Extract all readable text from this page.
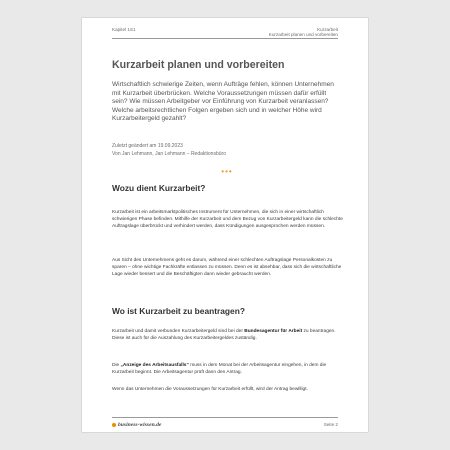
Kapitel 1S1	Kurzarbeit
Kurzarbeit planen und vorbereiten
Kurzarbeit planen und vorbereiten

Wirtschaftlich schwierige Zeiten, wenn Aufträge fehlen, können Unternehmen mit Kurzarbeit überbrücken. Welche Voraussetzungen müssen dafür erfüllt sein? Wie müssen Arbeitgeber vor Einführung von Kurzarbeit veranlassen? Welche arbeitsrechtlichen Folgen ergeben sich und in welcher Höhe wird Kurzarbeitergeld gezahlt?

Zuletzt geändert am 19.09.2023
Von Jan Lehmann, Jan Lehmann – Redaktionsbüro
•••
Wozu dient Kurzarbeit?

Kurzarbeit ist ein arbeitsmarktpolitisches Instrument für Unternehmen, die sich in einer wirtschaftlich schwierigen Phase befinden. Mithilfe der Kurzarbeit und dem Bezug von Kurzarbeitergeld kann die schlechte Auftragslage überbrückt und verhindert werden, dass Kündigungen ausgesprochen werden müssen.

Aus Sicht des Unternehmens geht es darum, während einer schlechten Auftragslage Personalkosten zu sparen – ohne wichtige Fachkräfte entlassen zu müssen. Denn es ist absehbar, dass sich die wirtschaftliche Lage wieder bessert und die Beschäftigten dann wieder gebraucht werden.

Wo ist Kurzarbeit zu beantragen?

Kurzarbeit und damit verbunden Kurzarbeitergeld sind bei der Bundesagentur für Arbeit zu beantragen. Diese ist auch für die Auszahlung des Kurzarbeitergeldes zuständig.

Die „Anzeige des Arbeitsausfalls“ muss in dem Monat bei der Arbeitsagentur eingehen, in dem die Kurzarbeit beginnt. Die Arbeitsagentur prüft dann den Antrag.

Wenn das Unternehmen die Voraussetzungen für Kurzarbeit erfüllt, wird der Antrag bewilligt.

business-wissen.de	Seite 2
